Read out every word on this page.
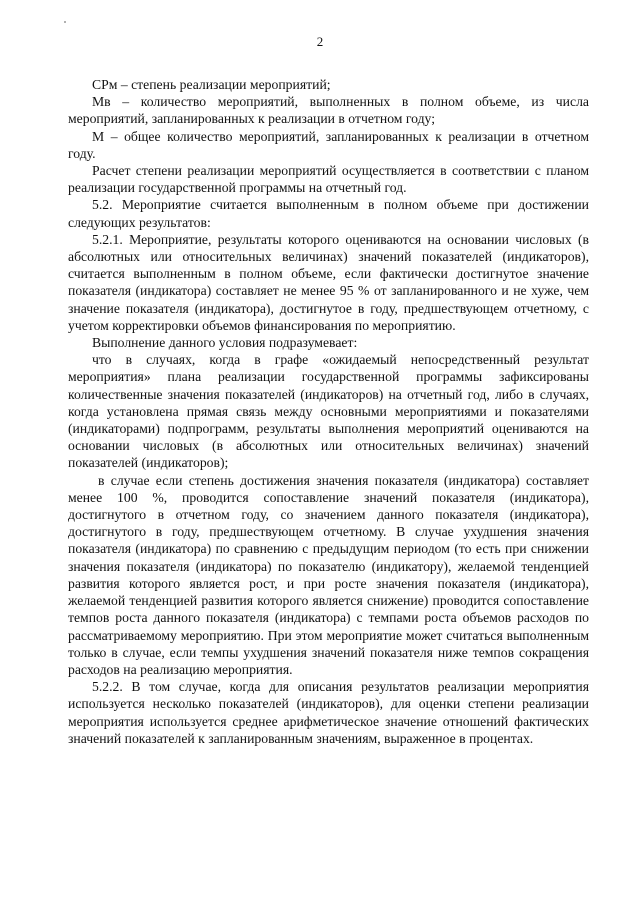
2

СРм – степень реализации мероприятий;

Мв – количество мероприятий, выполненных в полном объеме, из числа мероприятий, запланированных к реализации в отчетном году;

М – общее количество мероприятий, запланированных к реализации в отчетном году.

Расчет степени реализации мероприятий осуществляется в соответствии с планом реализации государственной программы на отчетный год.

5.2. Мероприятие считается выполненным в полном объеме при достижении следующих результатов:

5.2.1. Мероприятие, результаты которого оцениваются на основании числовых (в абсолютных или относительных величинах) значений показателей (индикаторов), считается выполненным в полном объеме, если фактически достигнутое значение показателя (индикатора) составляет не менее 95 % от запланированного и не хуже, чем значение показателя (индикатора), достигнутое в году, предшествующем отчетному, с учетом корректировки объемов финансирования по мероприятию.

Выполнение данного условия подразумевает:

что в случаях, когда в графе «ожидаемый непосредственный результат мероприятия» плана реализации государственной программы зафиксированы количественные значения показателей (индикаторов) на отчетный год, либо в случаях, когда установлена прямая связь между основными мероприятиями и показателями (индикаторами) подпрограмм, результаты выполнения мероприятий оцениваются на основании числовых (в абсолютных или относительных величинах) значений показателей (индикаторов);

в случае если степень достижения значения показателя (индикатора) составляет менее 100 %, проводится сопоставление значений показателя (индикатора), достигнутого в отчетном году, со значением данного показателя (индикатора), достигнутого в году, предшествующем отчетному. В случае ухудшения значения показателя (индикатора) по сравнению с предыдущим периодом (то есть при снижении значения показателя (индикатора) по показателю (индикатору), желаемой тенденцией развития которого является рост, и при росте значения показателя (индикатора), желаемой тенденцией развития которого является снижение) проводится сопоставление темпов роста данного показателя (индикатора) с темпами роста объемов расходов по рассматриваемому мероприятию. При этом мероприятие может считаться выполненным только в случае, если темпы ухудшения значений показателя ниже темпов сокращения расходов на реализацию мероприятия.

5.2.2. В том случае, когда для описания результатов реализации мероприятия используется несколько показателей (индикаторов), для оценки степени реализации мероприятия используется среднее арифметическое значение отношений фактических значений показателей к запланированным значениям, выраженное в процентах.
